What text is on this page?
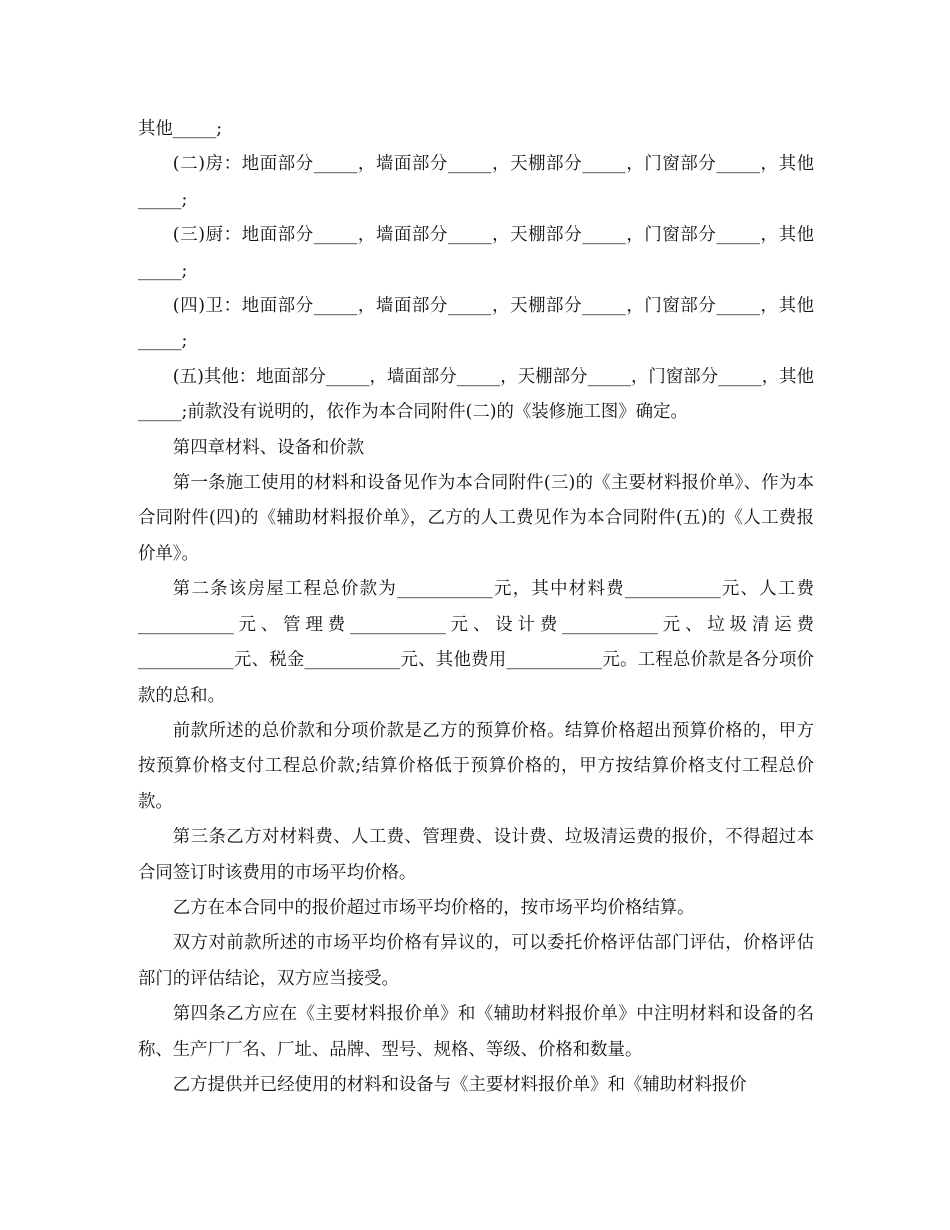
其他_____;

(二)房：地面部分_____，墙面部分_____，天棚部分_____，门窗部分_____，其他_____;

(三)厨：地面部分_____，墙面部分_____，天棚部分_____，门窗部分_____，其他_____;

(四)卫：地面部分_____，墙面部分_____，天棚部分_____，门窗部分_____，其他_____;

(五)其他：地面部分_____，墙面部分_____，天棚部分_____，门窗部分_____，其他_____;前款没有说明的，依作为本合同附件(二)的《装修施工图》确定。

第四章材料、设备和价款

第一条施工使用的材料和设备见作为本合同附件(三)的《主要材料报价单》、作为本合同附件(四)的《辅助材料报价单》，乙方的人工费见作为本合同附件(五)的《人工费报价单》。

第二条该房屋工程总价款为___________元，其中材料费___________元、人工费___________元、管理费___________元、设计费___________元、垃圾清运费___________元、税金___________元、其他费用___________元。工程总价款是各分项价款的总和。

前款所述的总价款和分项价款是乙方的预算价格。结算价格超出预算价格的，甲方按预算价格支付工程总价款;结算价格低于预算价格的，甲方按结算价格支付工程总价款。

第三条乙方对材料费、人工费、管理费、设计费、垃圾清运费的报价，不得超过本合同签订时该费用的市场平均价格。

乙方在本合同中的报价超过市场平均价格的，按市场平均价格结算。

双方对前款所述的市场平均价格有异议的，可以委托价格评估部门评估，价格评估部门的评估结论，双方应当接受。

第四条乙方应在《主要材料报价单》和《辅助材料报价单》中注明材料和设备的名称、生产厂厂名、厂址、品牌、型号、规格、等级、价格和数量。

乙方提供并已经使用的材料和设备与《主要材料报价单》和《辅助材料报价
